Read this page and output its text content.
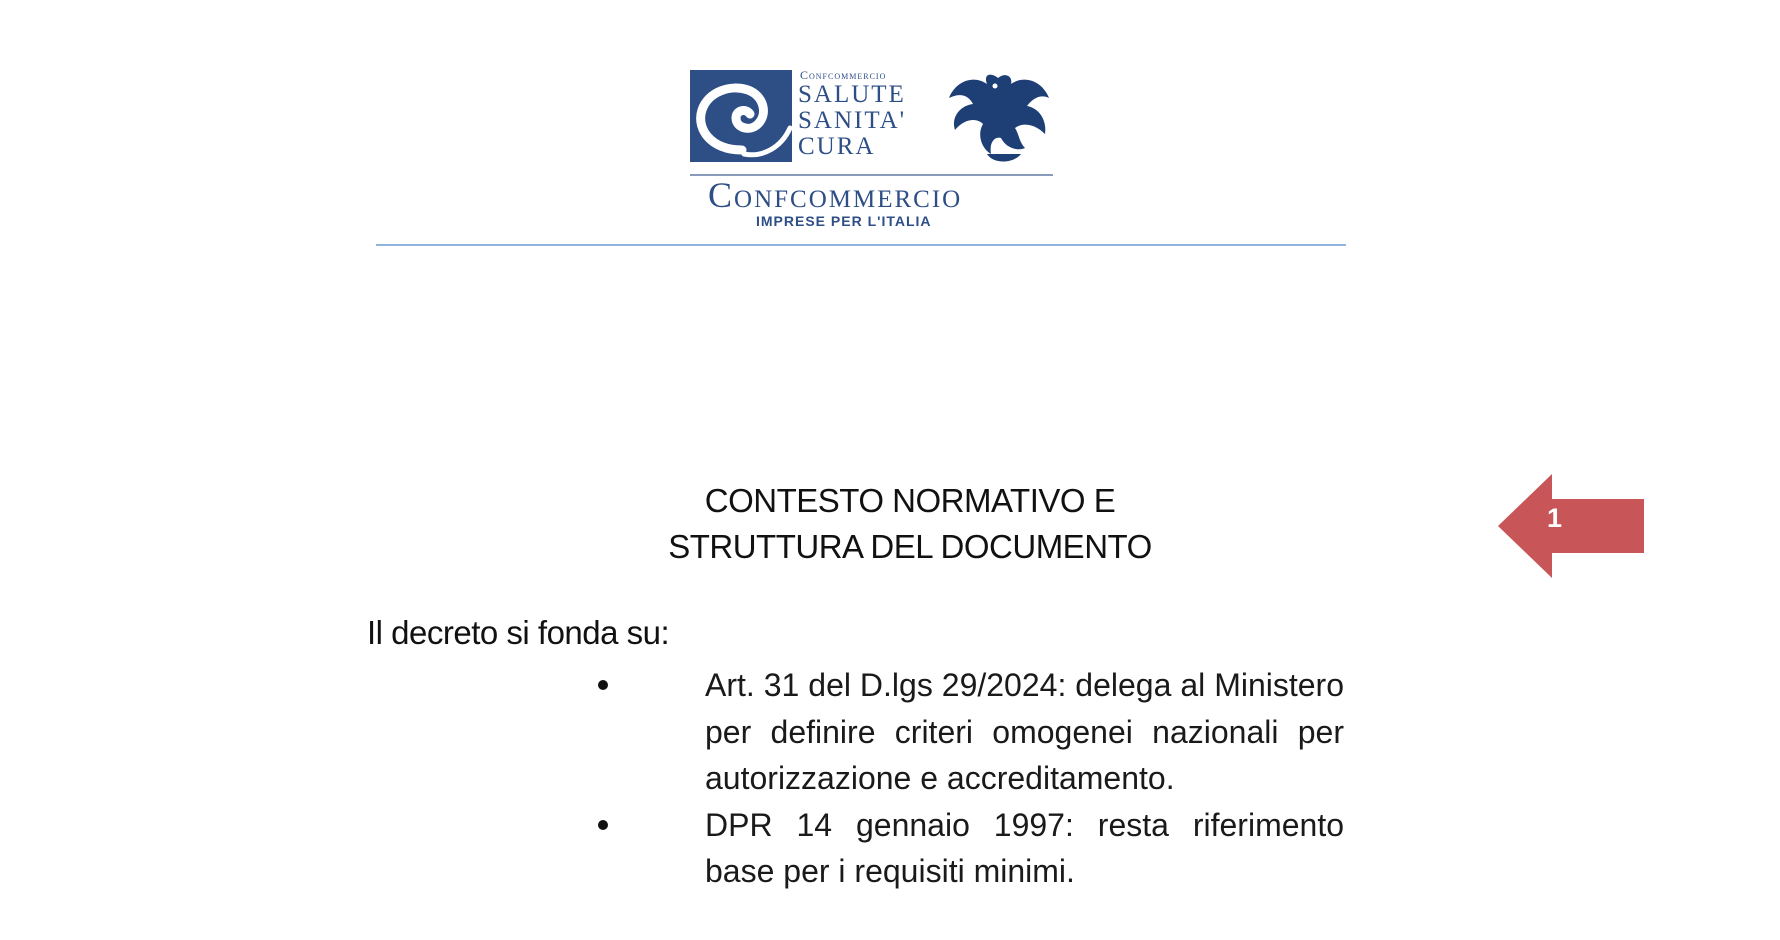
Confcommercio
SALUTE
SANITA'
CURA
Confcommercio
IMPRESE PER L'ITALIA
CONTESTO NORMATIVO E
STRUTTURA DEL DOCUMENTO
Il decreto si fonda su:
Art. 31 del D.lgs 29/2024: delega al Ministero per definire criteri omogenei nazionali per autorizzazione e accreditamento.
DPR 14 gennaio 1997: resta riferimento base per i requisiti minimi.
1
